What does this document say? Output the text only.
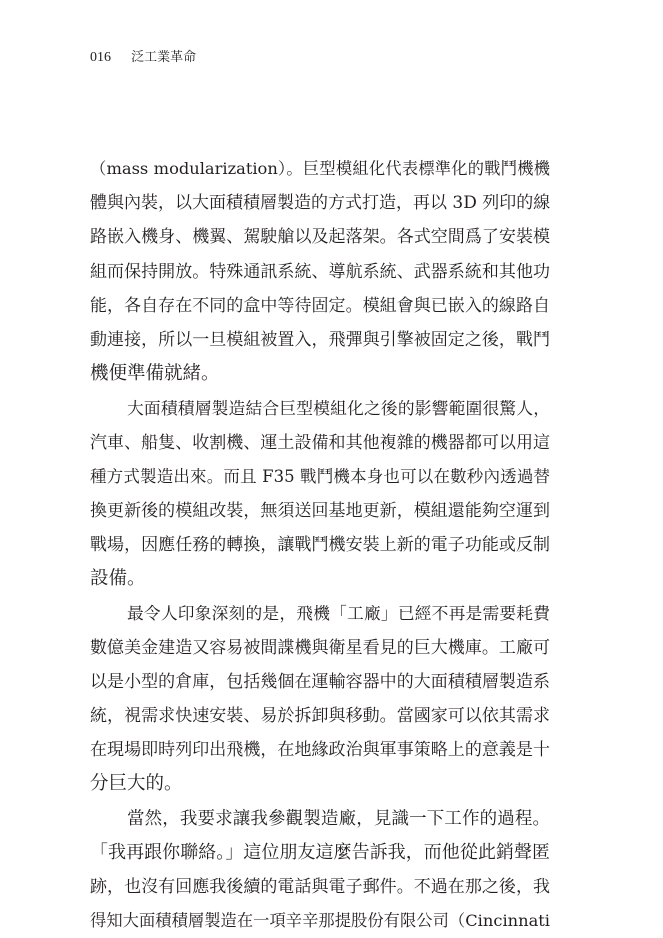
016 泛工業革命
（mass modularization）。巨型模組化代表標準化的戰鬥機機
體與內裝，以大面積積層製造的方式打造，再以 3D 列印的線
路嵌入機身、機翼、駕駛艙以及起落架。各式空間爲了安裝模
組而保持開放。特殊通訊系統、導航系統、武器系統和其他功
能，各自存在不同的盒中等待固定。模組會與已嵌入的線路自
動連接，所以一旦模組被置入，飛彈與引擎被固定之後，戰鬥
機便準備就緒。
大面積積層製造結合巨型模組化之後的影響範圍很驚人，
汽車、船隻、收割機、運土設備和其他複雜的機器都可以用這
種方式製造出來。而且 F35 戰鬥機本身也可以在數秒內透過替
換更新後的模組改裝，無須送回基地更新，模組還能夠空運到
戰場，因應任務的轉換，讓戰鬥機安裝上新的電子功能或反制
設備。
最令人印象深刻的是，飛機「工廠」已經不再是需要耗費
數億美金建造又容易被間諜機與衛星看見的巨大機庫。工廠可
以是小型的倉庫，包括幾個在運輸容器中的大面積積層製造系
統，視需求快速安裝、易於拆卸與移動。當國家可以依其需求
在現場即時列印出飛機，在地緣政治與軍事策略上的意義是十
分巨大的。
當然，我要求讓我參觀製造廠，見識一下工作的過程。
「我再跟你聯絡。」這位朋友這麼告訴我，而他從此銷聲匿
跡，也沒有回應我後續的電話與電子郵件。不過在那之後，我
得知大面積積層製造在一項辛辛那提股份有限公司（Cincinnati
